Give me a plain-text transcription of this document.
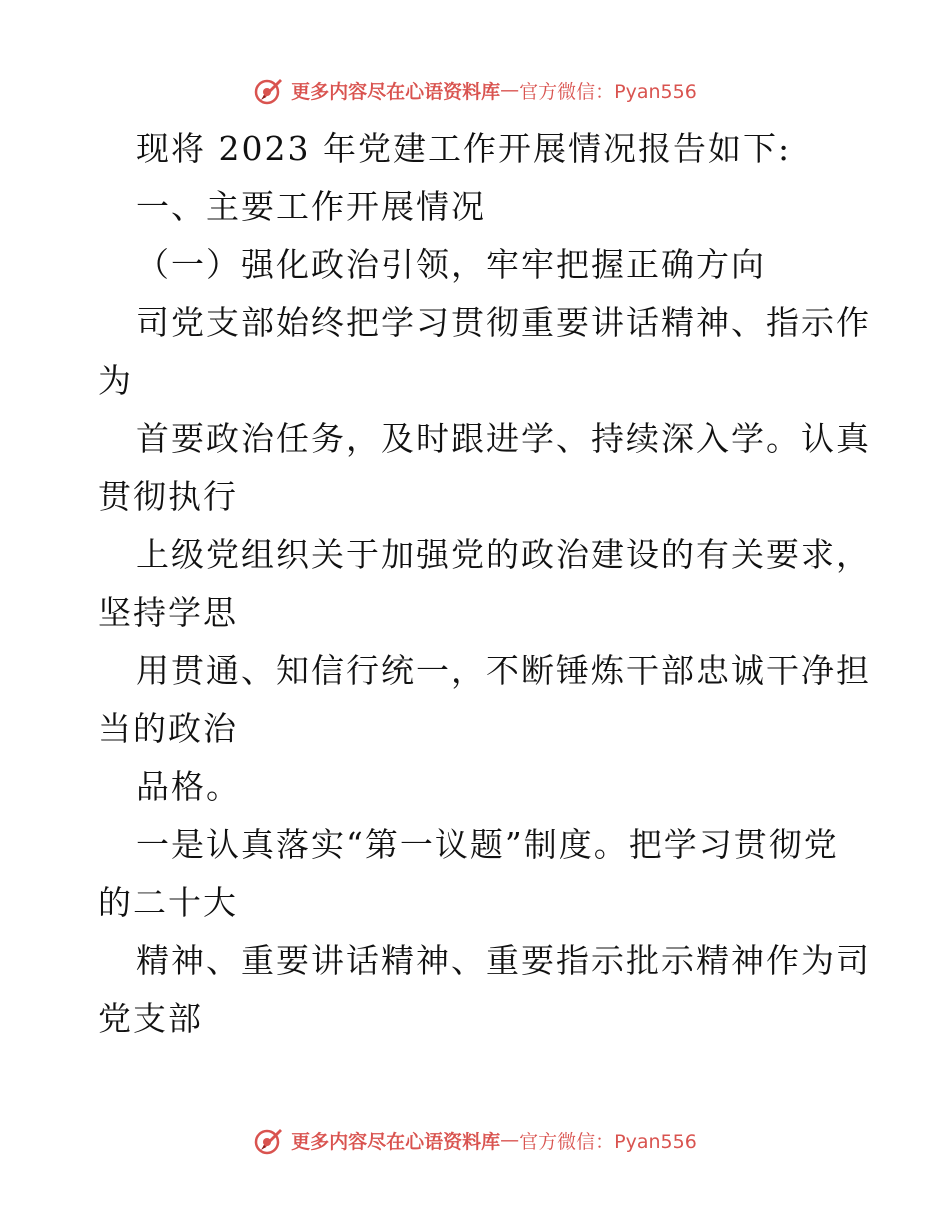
更多内容尽在心语资料库 — 官方微信：Pyan556
现将 2023 年党建工作开展情况报告如下:
一、主要工作开展情况
（一）强化政治引领，牢牢把握正确方向
司党支部始终把学习贯彻重要讲话精神、指示作
为
首要政治任务，及时跟进学、持续深入学。认真
贯彻执行
上级党组织关于加强党的政治建设的有关要求，
坚持学思
用贯通、知信行统一，不断锤炼干部忠诚干净担
当的政治
品格。
一是认真落实“第一议题”制度。把学习贯彻党
的二十大
精神、重要讲话精神、重要指示批示精神作为司
党支部
更多内容尽在心语资料库 — 官方微信：Pyan556
